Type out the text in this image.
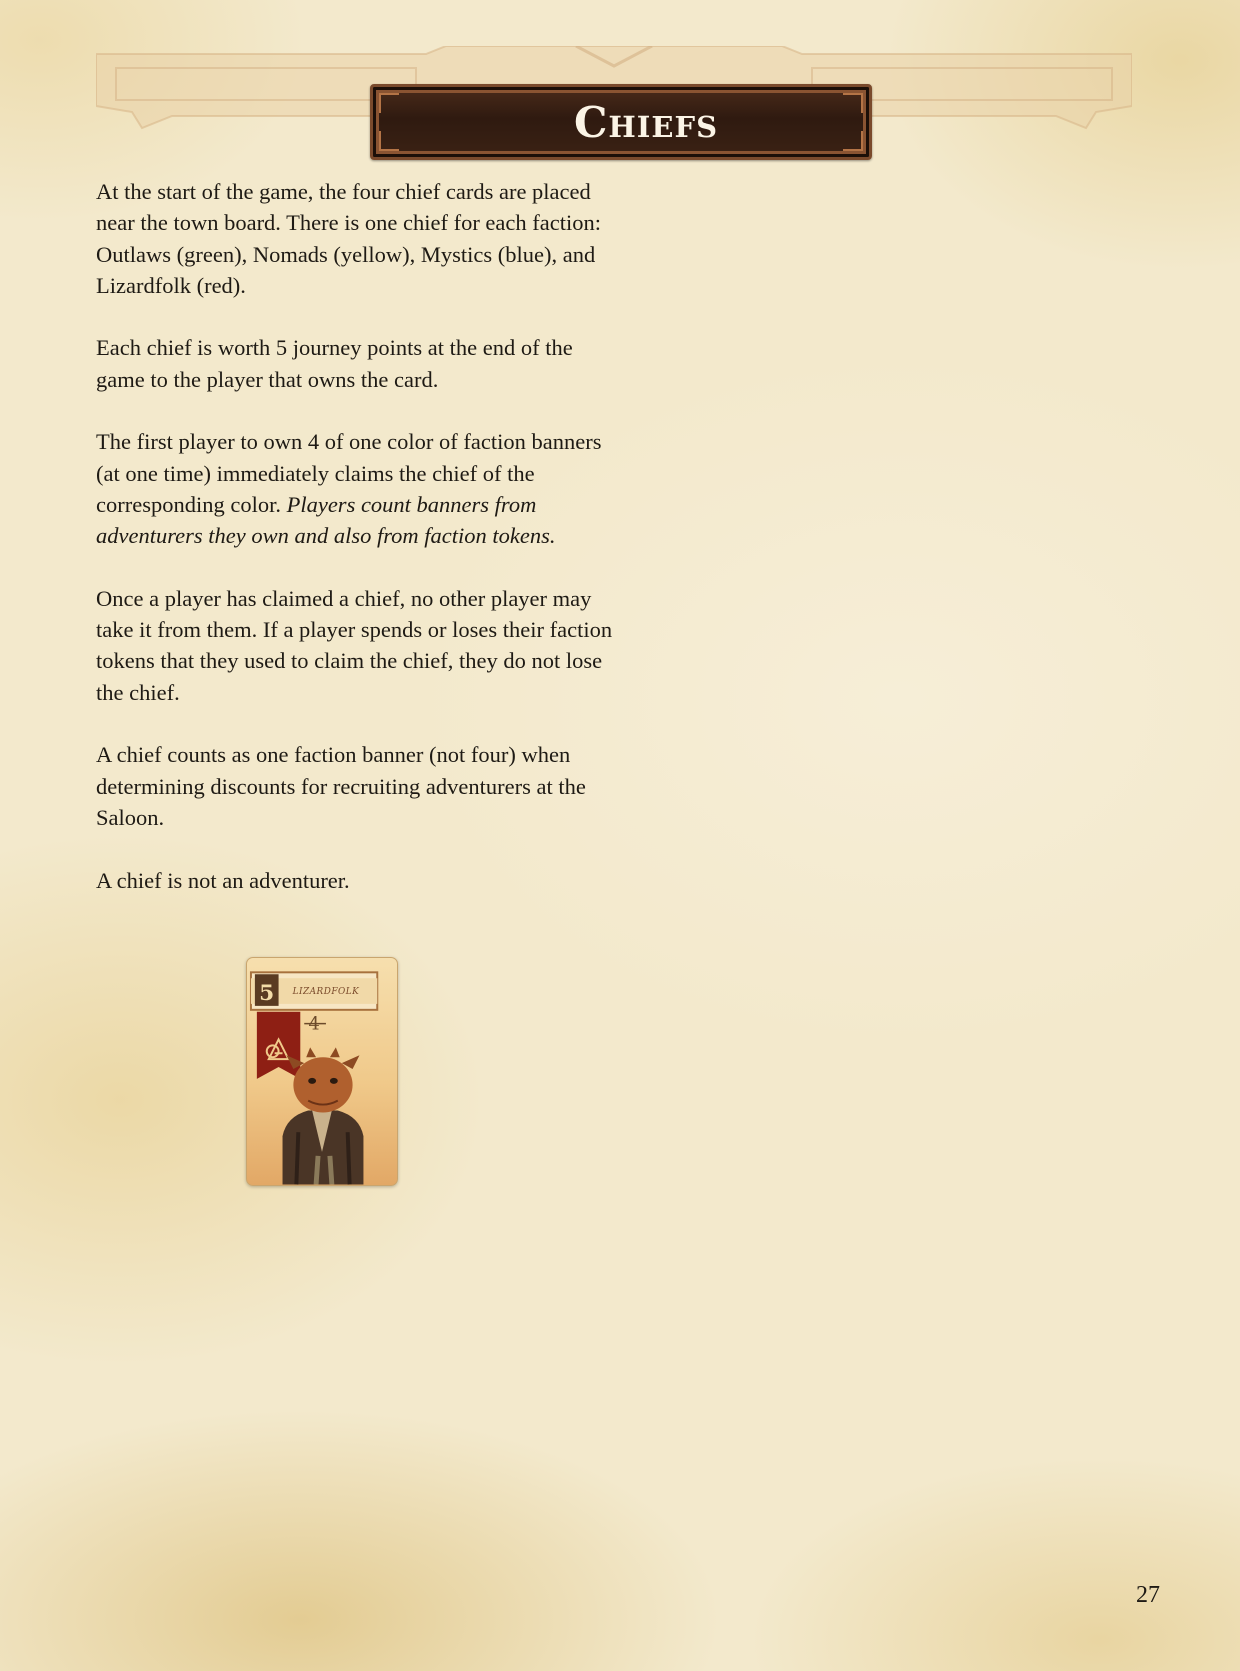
Chiefs

At the start of the game, the four chief cards are placed near the town board. There is one chief for each faction: Outlaws (green), Nomads (yellow), Mystics (blue), and Lizardfolk (red).

Each chief is worth 5 journey points at the end of the game to the player that owns the card.

The first player to own 4 of one color of faction banners (at one time) immediately claims the chief of the corresponding color. Players count banners from adventurers they own and also from faction tokens.

Once a player has claimed a chief, no other player may take it from them. If a player spends or loses their faction tokens that they used to claim the chief, they do not lose the chief.

A chief counts as one faction banner (not four) when determining discounts for recruiting adventurers at the Saloon.

A chief is not an adventurer.

5 LIZARDFOLK
4
27
